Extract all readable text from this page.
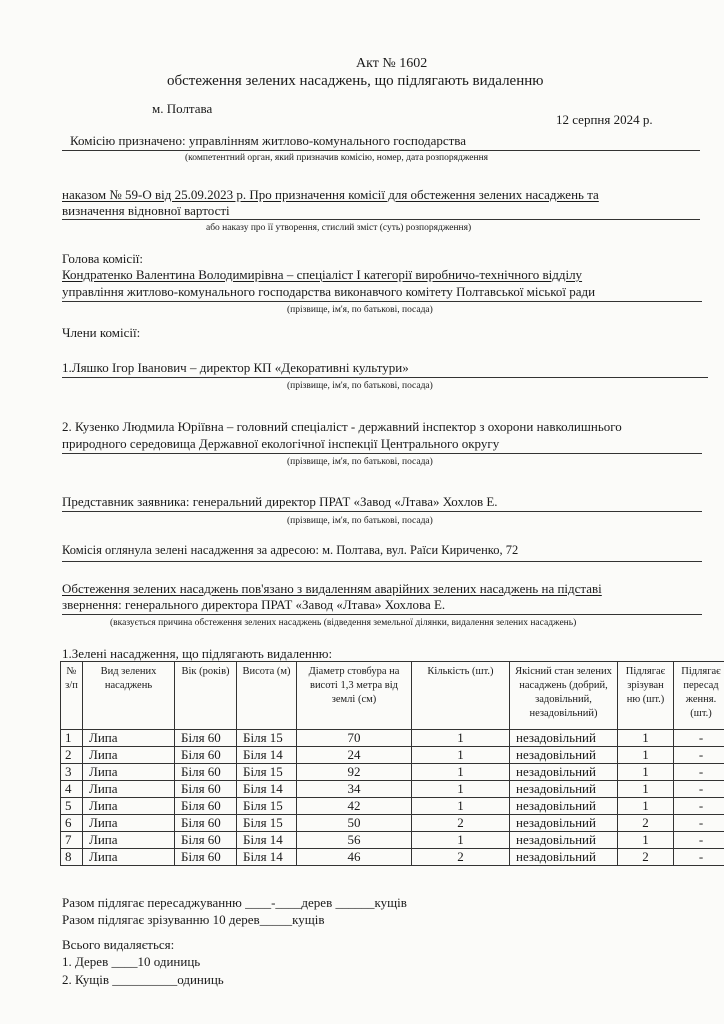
Акт № 1602
обстеження зелених насаджень, що підлягають видаленню
м. Полтава
12 серпня 2024 р.
Комісію призначено: управлінням житлово-комунального господарства
(компетентний орган, який призначив комісію, номер, дата розпорядження
наказом № 59-О від 25.09.2023 р. Про призначення комісії для обстеження зелених насаджень та
визначення відновної вартості
або наказу про її утворення, стислий зміст (суть) розпорядження)
Голова комісії:
Кондратенко Валентина Володимирівна – спеціаліст I категорії виробничо-технічного відділу
управління житлово-комунального господарства виконавчого комітету Полтавської міської ради
(прізвище, ім'я, по батькові, посада)
Члени комісії:
1.Ляшко Ігор Іванович – директор КП «Декоративні культури»
(прізвище, ім'я, по батькові, посада)
2. Кузенко Людмила Юріївна – головний спеціаліст - державний інспектор з охорони навколишнього
природного середовища Державної екологічної інспекції Центрального округу
(прізвище, ім'я, по батькові, посада)
Представник заявника: генеральний директор ПРАТ «Завод «Лтава» Хохлов Е.
(прізвище, ім'я, по батькові, посада)
Комісія оглянула зелені насадження за адресою: м. Полтава, вул. Раїси Кириченко, 72
Обстеження зелених насаджень пов'язано з видаленням аварійних зелених насаджень на підставі
звернення: генерального директора ПРАТ «Завод «Лтава» Хохлова Е.
(вказується причина обстеження зелених насаджень (відведення земельної ділянки, видалення зелених насаджень)
1.Зелені насадження, що підлягають видаленню:
№ з/п	Вид зелених насаджень	Вік (років)	Висота (м)	Діаметр стовбура на висоті 1,3 метра від землі (см)	Кількість (шт.)	Якісний стан зелених насаджень (добрий, задовільний, незадовільний)	Підлягає зрізуван ню (шт.)	Підлягає пересад ження. (шт.)
1	Липа	Біля 60	Біля 15	70	1	незадовільний	1	-
2	Липа	Біля 60	Біля 14	24	1	незадовільний	1	-
3	Липа	Біля 60	Біля 15	92	1	незадовільний	1	-
4	Липа	Біля 60	Біля 14	34	1	незадовільний	1	-
5	Липа	Біля 60	Біля 15	42	1	незадовільний	1	-
6	Липа	Біля 60	Біля 15	50	2	незадовільний	2	-
7	Липа	Біля 60	Біля 14	56	1	незадовільний	1	-
8	Липа	Біля 60	Біля 14	46	2	незадовільний	2	-
Разом підлягає пересаджуванню ____-____дерев ______кущів
Разом підлягає зрізуванню 10 дерев_____кущів
Всього видаляється:
1. Дерев ____10 одиниць
2. Кущів __________одиниць
